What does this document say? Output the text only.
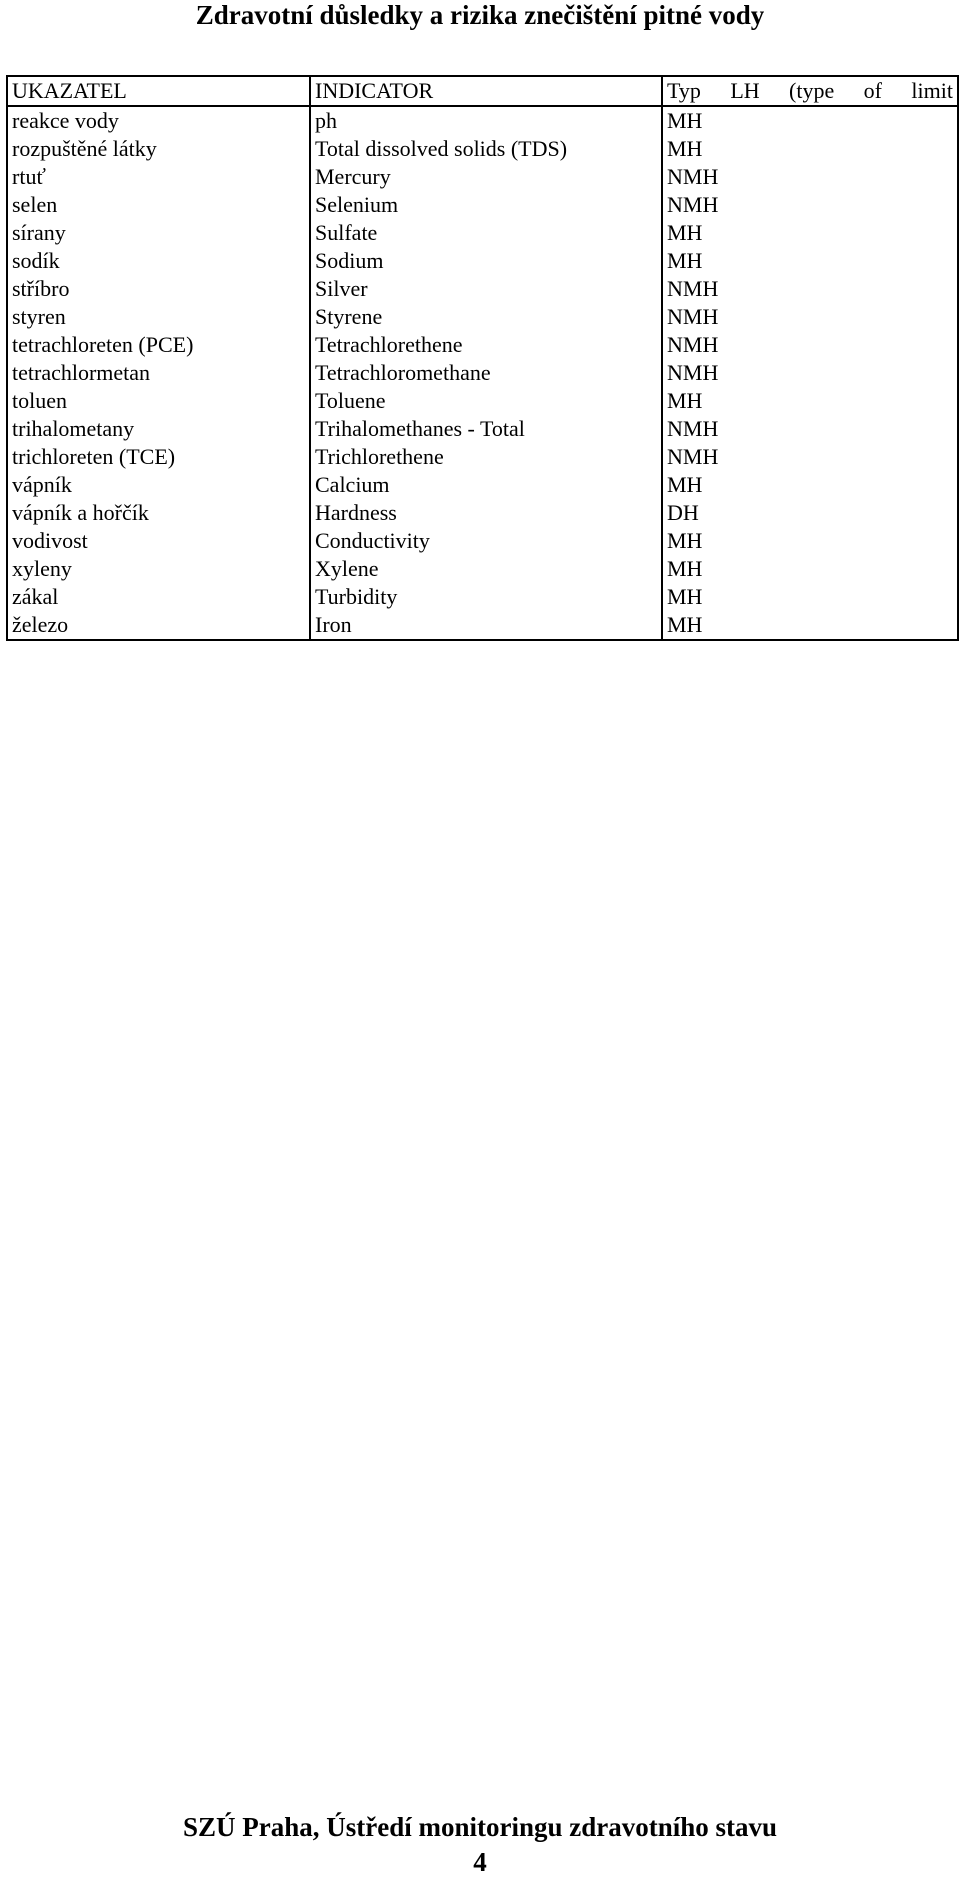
Zdravotní důsledky a rizika znečištění pitné vody
UKAZATEL	INDICATOR	Typ LH (type of limit

reakce vody	ph	MH
rozpuštěné látky	Total dissolved solids (TDS)	MH
rtuť	Mercury	NMH
selen	Selenium	NMH
sírany	Sulfate	MH
sodík	Sodium	MH
stříbro	Silver	NMH
styren	Styrene	NMH
tetrachloreten (PCE)	Tetrachlorethene	NMH
tetrachlormetan	Tetrachloromethane	NMH
toluen	Toluene	MH
trihalometany	Trihalomethanes - Total	NMH
trichloreten (TCE)	Trichlorethene	NMH
vápník	Calcium	MH
vápník a hořčík	Hardness	DH
vodivost	Conductivity	MH
xyleny	Xylene	MH
zákal	Turbidity	MH
železo	Iron	MH
SZÚ Praha, Ústředí monitoringu zdravotního stavu
4
